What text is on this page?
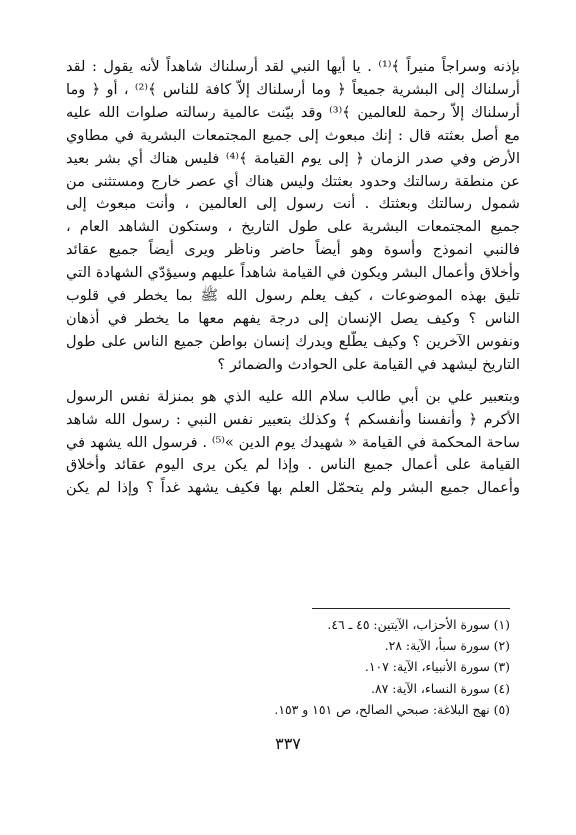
بإذنه وسراجاً منيراً ﴾⁽¹⁾ . يا أيها النبي لقد أرسلناك شاهداً لأنه يقول : لقد
أرسلناك إلى البشرية جميعاً ﴿ وما أرسلناك إلاّ كافة للناس ﴾⁽²⁾ ، أو ﴿ وما
أرسلناك إلاّ رحمة للعالمين ﴾⁽³⁾ وقد بيّنت عالمية رسالته صلوات الله عليه
مع أصل بعثته قال : إنك مبعوث إلى جميع المجتمعات البشرية في مطاوي
الأرض وفي صدر الزمان ﴿ إلى يوم القيامة ﴾⁽⁴⁾ فليس هناك أي بشر بعيد
عن منطقة رسالتك وحدود بعثتك وليس هناك أي عصر خارج ومستثنى من
شمول رسالتك وبعثتك . أنت رسول إلى العالمين ، وأنت مبعوث إلى
جميع المجتمعات البشرية على طول التاريخ ، وستكون الشاهد العام ،
فالنبي انموذج وأسوة وهو أيضاً حاضر وناظر ويرى أيضاً جميع عقائد
وأخلاق وأعمال البشر ويكون في القيامة شاهداً عليهم وسيؤدّي الشهادة التي
تليق بهذه الموضوعات ، كيف يعلم رسول الله ﷺ بما يخطر في قلوب
الناس ؟ وكيف يصل الإنسان إلى درجة يفهم معها ما يخطر في أذهان
ونفوس الآخرين ؟ وكيف يطّلع ويدرك إنسان بواطن جميع الناس على طول
التاريخ ليشهد في القيامة على الحوادث والضمائر ؟

وبتعبير علي بن أبي طالب سلام الله عليه الذي هو بمنزلة نفس الرسول
الأكرم ﴿ وأنفسنا وأنفسكم ﴾ وكذلك بتعبير نفس النبي : رسول الله شاهد
ساحة المحكمة في القيامة « شهيدك يوم الدين »⁽⁵⁾ . فرسول الله يشهد في
القيامة على أعمال جميع الناس . وإذا لم يكن يرى اليوم عقائد وأخلاق
وأعمال جميع البشر ولم يتحمّل العلم بها فكيف يشهد غداً ؟ وإذا لم يكن

(١) سورة الأحزاب، الآيتين: ٤٥ ـ ٤٦.
(٢) سورة سبأ، الآية: ٢٨.
(٣) سورة الأنبياء، الآية: ١٠٧.
(٤) سورة النساء، الآية: ٨٧.
(٥) نهج البلاغة: صبحي الصالح، ص ١٥١ و ١٥٣.
٣٣٧
